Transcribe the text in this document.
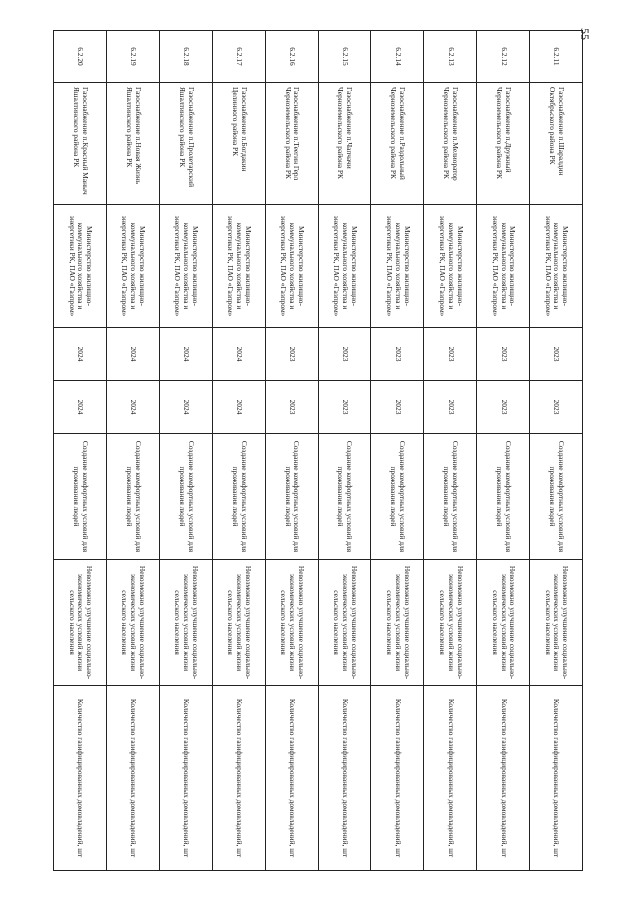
55
6.2.11	Газоснабжение п.Шаралдин Октябрьского района РК	Министерство жилищно-коммунального хозяйства и энергетики РК, ПАО «Газпром»	2023	2023	Создание комфортных условий для проживания людей	Невозможно улучшение социально-экономических условий жизни сельского населения	Количество газифицированных домовладений, шт
6.2.12	Газоснабжение п.Дружный Черноземельского района РК	Министерство жилищно-коммунального хозяйства и энергетики РК, ПАО «Газпром»	2023	2023	Создание комфортных условий для проживания людей	Невозможно улучшение социально-экономических условий жизни сельского населения	Количество газифицированных домовладений, шт
6.2.13	Газоснабжение п.Мелиоратор Черноземельского района РК	Министерство жилищно-коммунального хозяйства и энергетики РК, ПАО «Газпром»	2023	2023	Создание комфортных условий для проживания людей	Невозможно улучшение социально-экономических условий жизни сельского населения	Количество газифицированных домовладений, шт
6.2.14	Газоснабжение п.Раздольный Черноземельского района РК	Министерство жилищно-коммунального хозяйства и энергетики РК, ПАО «Газпром»	2023	2023	Создание комфортных условий для проживания людей	Невозможно улучшение социально-экономических условий жизни сельского населения	Количество газифицированных домовладений, шт
6.2.15	Газоснабжение п.Чапчачи Черноземельского района РК	Министерство жилищно-коммунального хозяйства и энергетики РК, ПАО «Газпром»	2023	2023	Создание комфортных условий для проживания людей	Невозможно улучшение социально-экономических условий жизни сельского населения	Количество газифицированных домовладений, шт
6.2.16	Газоснабжение п.Теегин Герл Черноземельского района РК	Министерство жилищно-коммунального хозяйства и энергетики РК, ПАО «Газпром»	2023	2023	Создание комфортных условий для проживания людей	Невозможно улучшение социально-экономических условий жизни сельского населения	Количество газифицированных домовладений, шт
6.2.17	Газоснабжение п.Богдакин Целинного района РК	Министерство жилищно-коммунального хозяйства и энергетики РК, ПАО «Газпром»	2024	2024	Создание комфортных условий для проживания людей	Невозможно улучшение социально-экономических условий жизни сельского населения	Количество газифицированных домовладений, шт
6.2.18	Газоснабжение п.Пролетарский Яшалтинского района РК	Министерство жилищно-коммунального хозяйства и энергетики РК, ПАО «Газпром»	2024	2024	Создание комфортных условий для проживания людей	Невозможно улучшение социально-экономических условий жизни сельского населения	Количество газифицированных домовладений, шт
6.2.19	Газоснабжение п.Новая Жизнь Яшалтинского района РК	Министерство жилищно-коммунального хозяйства и энергетики РК, ПАО «Газпром»	2024	2024	Создание комфортных условий для проживания людей	Невозможно улучшение социально-экономических условий жизни сельского населения	Количество газифицированных домовладений, шт
6.2.20	Газоснабжение п.Красный Маныч Яшалтинского района РК	Министерство жилищно-коммунального хозяйства и энергетики РК, ПАО «Газпром»	2024	2024	Создание комфортных условий для проживания людей	Невозможно улучшение социально-экономических условий жизни сельского населения	Количество газифицированных домовладений, шт
